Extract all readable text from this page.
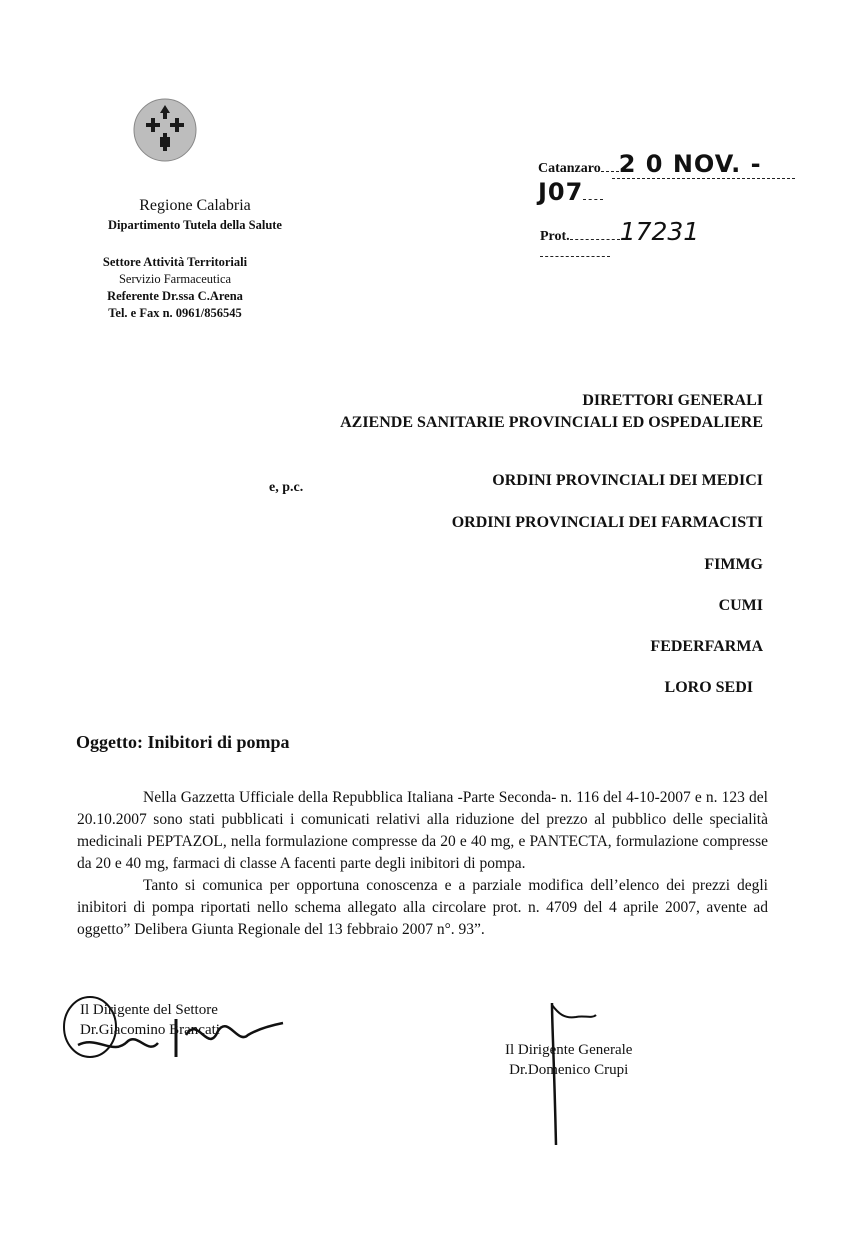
Regione Calabria
Dipartimento Tutela della Salute
Settore Attività Territoriali
Servizio Farmaceutica
Referente Dr.ssa C.Arena
Tel. e Fax n. 0961/856545
Catanzaro 2 0 NOV. -J07
Prot. 17231
DIRETTORI GENERALI
AZIENDE SANITARIE PROVINCIALI ED OSPEDALIERE
e, p.c.	ORDINI PROVINCIALI DEI MEDICI
ORDINI PROVINCIALI DEI FARMACISTI
FIMMG
CUMI
FEDERFARMA
LORO SEDI
Oggetto: Inibitori di pompa

Nella Gazzetta Ufficiale della Repubblica Italiana -Parte Seconda- n. 116 del 4-10-2007 e n. 123 del 20.10.2007 sono stati pubblicati i comunicati relativi alla riduzione del prezzo al pubblico delle specialità medicinali PEPTAZOL, nella formulazione compresse da 20 e 40 mg, e PANTECTA, formulazione compresse da 20 e 40 mg, farmaci di classe A facenti parte degli inibitori di pompa.

Tanto si comunica per opportuna conoscenza e a parziale modifica dell’elenco dei prezzi degli inibitori di pompa riportati nello schema allegato alla circolare prot. n. 4709 del 4 aprile 2007, avente ad oggetto” Delibera Giunta Regionale del 13 febbraio 2007 n°. 93”.

Il Dirigente del Settore
Dr.Giacomino Brancati
Il Dirigente Generale
Dr.Domenico Crupi
